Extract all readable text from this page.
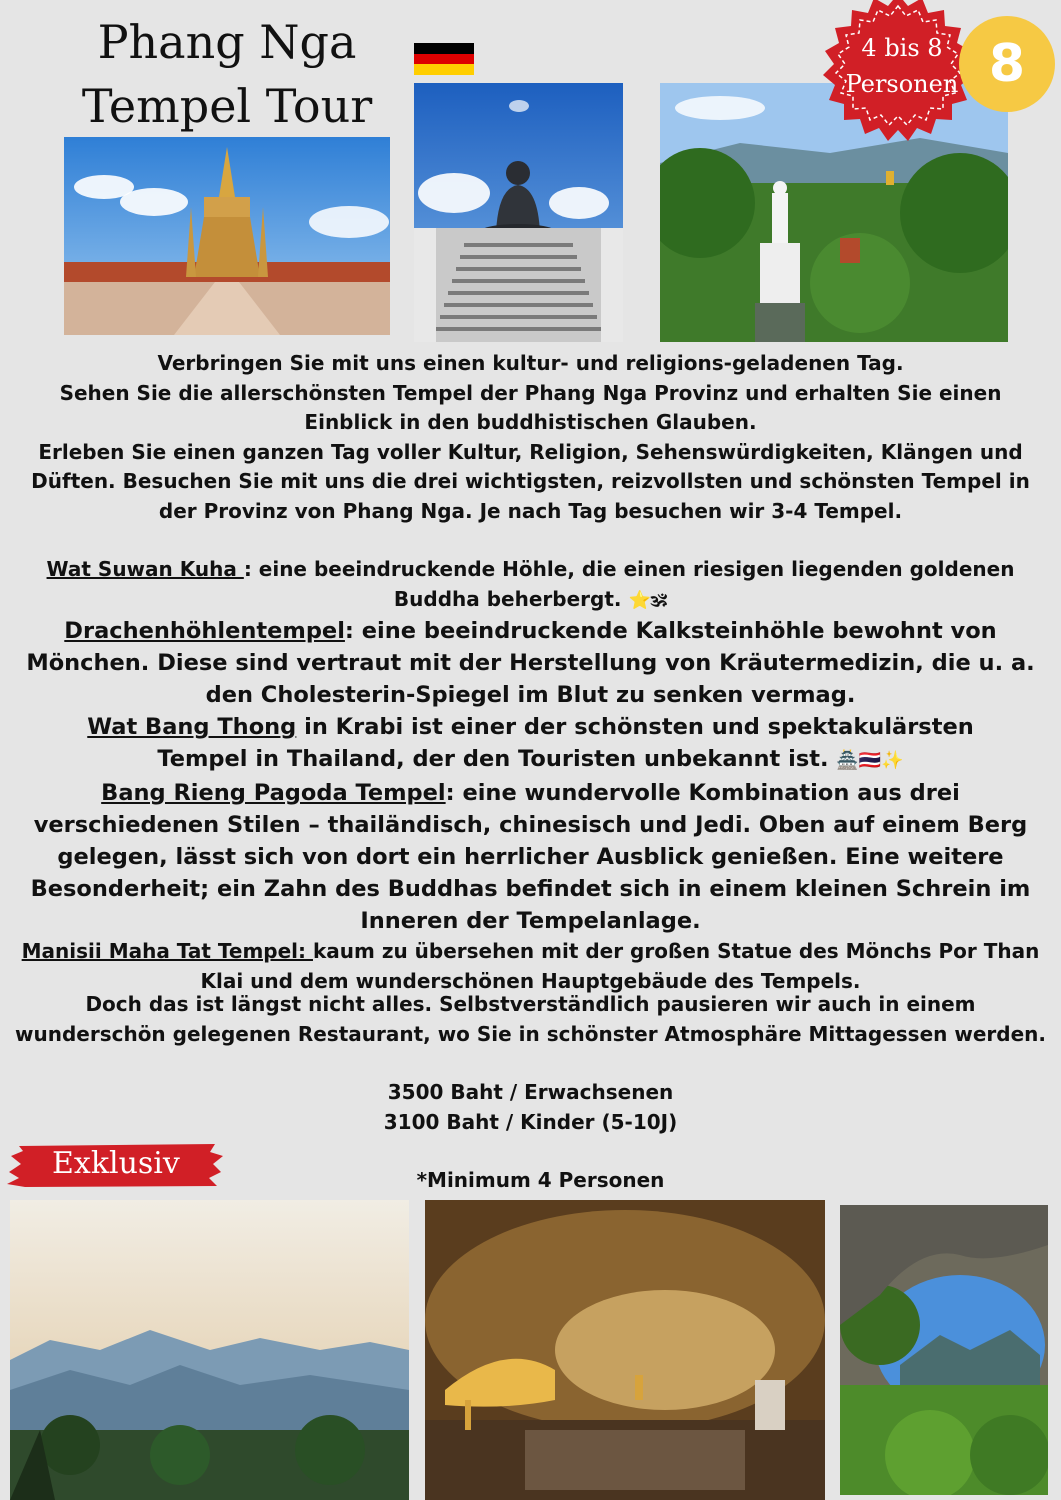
Phang Nga
Tempel Tour
4 bis 8
Personen 8
Verbringen Sie mit uns einen kultur- und religions-geladenen Tag.
Sehen Sie die allerschönsten Tempel der Phang Nga Provinz und erhalten Sie einen Einblick in den buddhistischen Glauben.
Erleben Sie einen ganzen Tag voller Kultur, Religion, Sehenswürdigkeiten, Klängen und Düften. Besuchen Sie mit uns die drei wichtigsten, reizvollsten und schönsten Tempel in der Provinz von Phang Nga. Je nach Tag besuchen wir 3-4 Tempel.
Wat Suwan Kuha : eine beeindruckende Höhle, die einen riesigen liegenden goldenen Buddha beherbergt. ⭐🕉
Drachenhöhlentempel: eine beeindruckende Kalksteinhöhle bewohnt von Mönchen. Diese sind vertraut mit der Herstellung von Kräutermedizin, die u. a. den Cholesterin-Spiegel im Blut zu senken vermag.
Wat Bang Thong in Krabi ist einer der schönsten und spektakulärsten Tempel in Thailand, der den Touristen unbekannt ist. 🏯🇹🇭✨
Bang Rieng Pagoda Tempel: eine wundervolle Kombination aus drei verschiedenen Stilen – thailändisch, chinesisch und Jedi. Oben auf einem Berg gelegen, lässt sich von dort ein herrlicher Ausblick genießen. Eine weitere Besonderheit; ein Zahn des Buddhas befindet sich in einem kleinen Schrein im Inneren der Tempelanlage.
Manisii Maha Tat Tempel: kaum zu übersehen mit der großen Statue des Mönchs Por Than Klai und dem wunderschönen Hauptgebäude des Tempels.
Doch das ist längst nicht alles. Selbstverständlich pausieren wir auch in einem wunderschön gelegenen Restaurant, wo Sie in schönster Atmosphäre Mittagessen werden.
3500 Baht / Erwachsenen
3100 Baht / Kinder (5-10J)
*Minimum 4 Personen
Exklusiv
